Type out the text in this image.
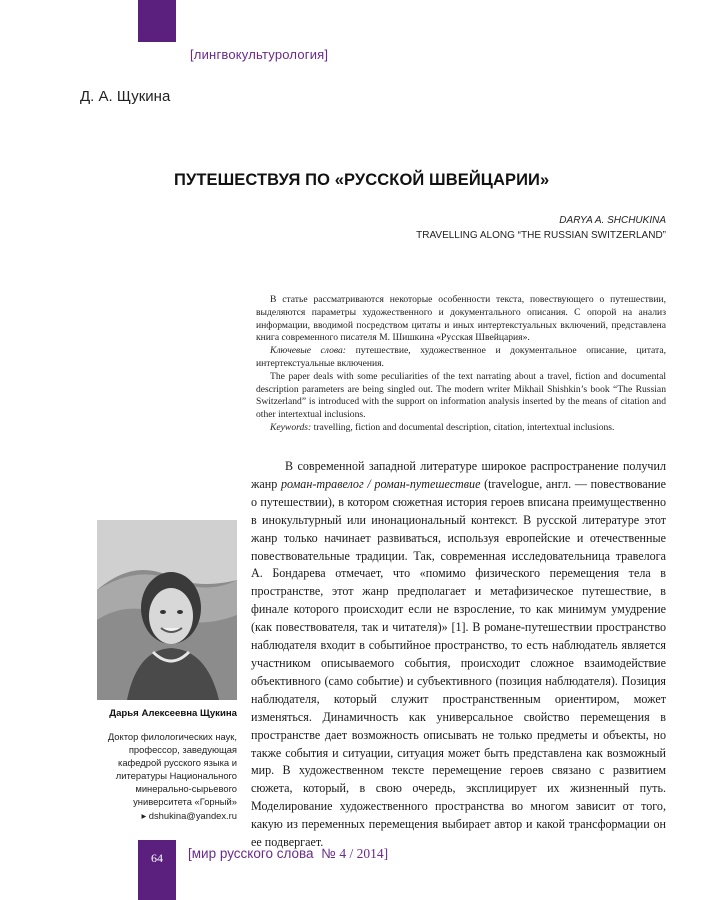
[лингвокультурология]
Д. А. Щукина
ПУТЕШЕСТВУЯ ПО «РУССКОЙ ШВЕЙЦАРИИ»
DARYA A. SHCHUKINA
TRAVELLING ALONG “THE RUSSIAN SWITZERLAND”

В статье рассматриваются некоторые особенности текста, повествующего о путешествии, выделяются параметры художественного и документального описания. С опорой на анализ информации, вводимой посредством цитаты и иных интертекстуальных включений, представлена книга современного писателя М. Шишкина «Русская Швейцария».

Ключевые слова: путешествие, художественное и документальное описание, цитата, интертекстуальные включения.

The paper deals with some peculiarities of the text narrating about a travel, fiction and documental description parameters are being singled out. The modern writer Mikhail Shishkin’s book “The Russian Switzerland” is introduced with the support on information analysis inserted by the means of citation and other intertextual inclusions.

Keywords: travelling, fiction and documental description, citation, intertextual inclusions.

Дарья Алексеевна Щукина
Доктор филологических наук, профессор, заведующая кафедрой русского языка и литературы Национального минерально-сырьевого университета «Горный»
▸ dshukina@yandex.ru

В современной западной литературе широкое распространение получил жанр роман-травелог / роман-путешествие (travelogue, англ. — повествование о путешествии), в котором сюжетная история героев вписана преимущественно в инокультурный или инонациональный контекст. В русской литературе этот жанр только начинает развиваться, используя европейские и отечественные повествовательные традиции. Так, современная исследовательница травелога А. Бондарева отмечает, что «помимо физического перемещения тела в пространстве, этот жанр предполагает и метафизическое путешествие, в финале которого происходит если не взросление, то как минимум умудрение (как повествователя, так и читателя)» [1]. В романе-путешествии пространство наблюдателя входит в событийное пространство, то есть наблюдатель является участником описываемого события, происходит сложное взаимодействие объективного (само событие) и субъективного (позиция наблюдателя). Позиция наблюдателя, который служит пространственным ориентиром, может изменяться. Динамичность как универсальное свойство перемещения в пространстве дает возможность описывать не только предметы и объекты, но также события и ситуации, ситуация может быть представлена как возможный мир. В художественном тексте перемещение героев связано с развитием сюжета, который, в свою очередь, эксплицирует их жизненный путь. Моделирование художественного пространства во многом зависит от того, какую из переменных перемещения выбирает автор и какой трансформации он ее подвергает.

64	[мир русского слова № 4 / 2014]
